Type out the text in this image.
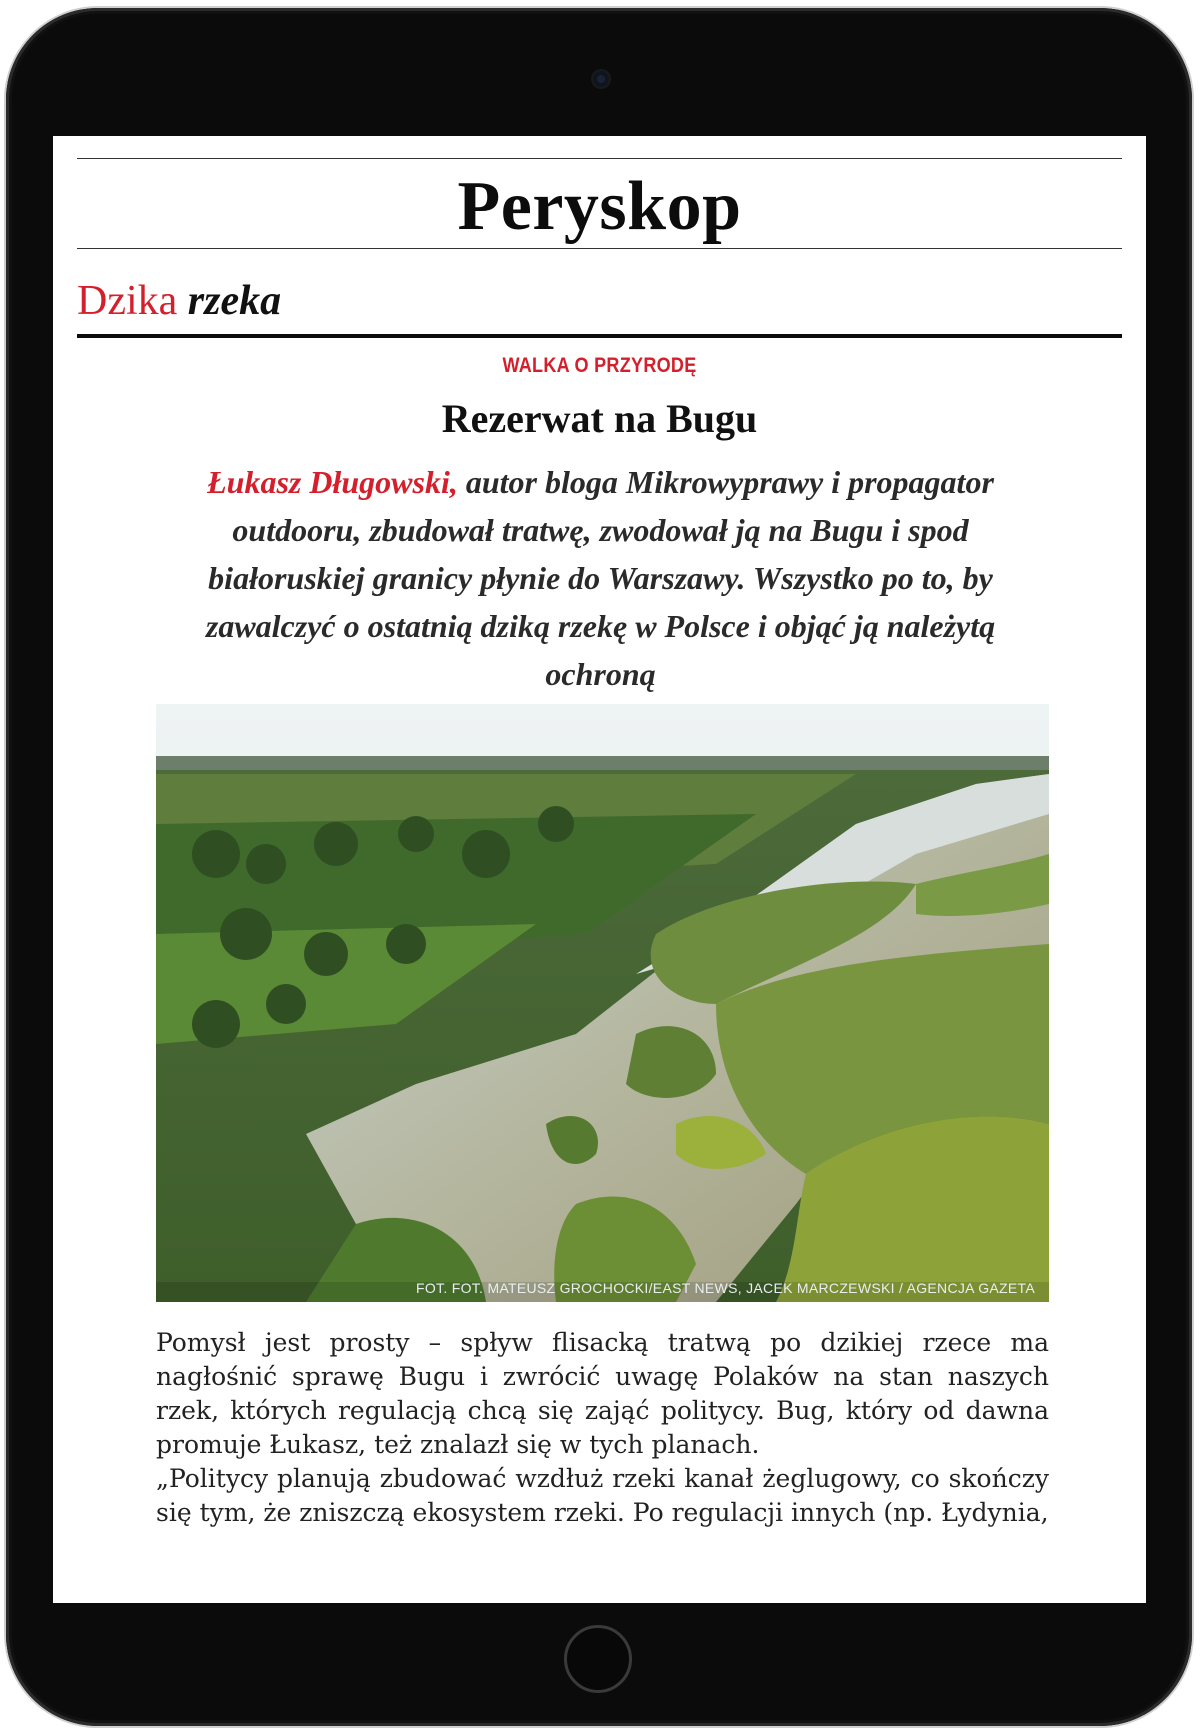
Peryskop
Dzika rzeka
WALKA O PRZYRODĘ
Rezerwat na Bugu
Łukasz Długowski, autor bloga Mikrowyprawy i propagator outdooru, zbudował tratwę, zwodował ją na Bugu i spod białoruskiej granicy płynie do Warszawy. Wszystko po to, by zawalczyć o ostatnią dziką rzekę w Polsce i objąć ją należytą ochroną
FOT. FOT. MATEUSZ GROCHOCKI/EAST NEWS, JACEK MARCZEWSKI / AGENCJA GAZETA

Pomysł jest prosty – spływ flisacką tratwą po dzikiej rzece ma nagłośnić sprawę Bugu i zwrócić uwagę Polaków na stan naszych rzek, których regulacją chcą się zająć politycy. Bug, który od dawna promuje Łukasz, też znalazł się w tych planach.

„Politycy planują zbudować wzdłuż rzeki kanał żeglugowy, co skończy się tym, że zniszczą ekosystem rzeki. Po regulacji innych (np. Łydynia,
